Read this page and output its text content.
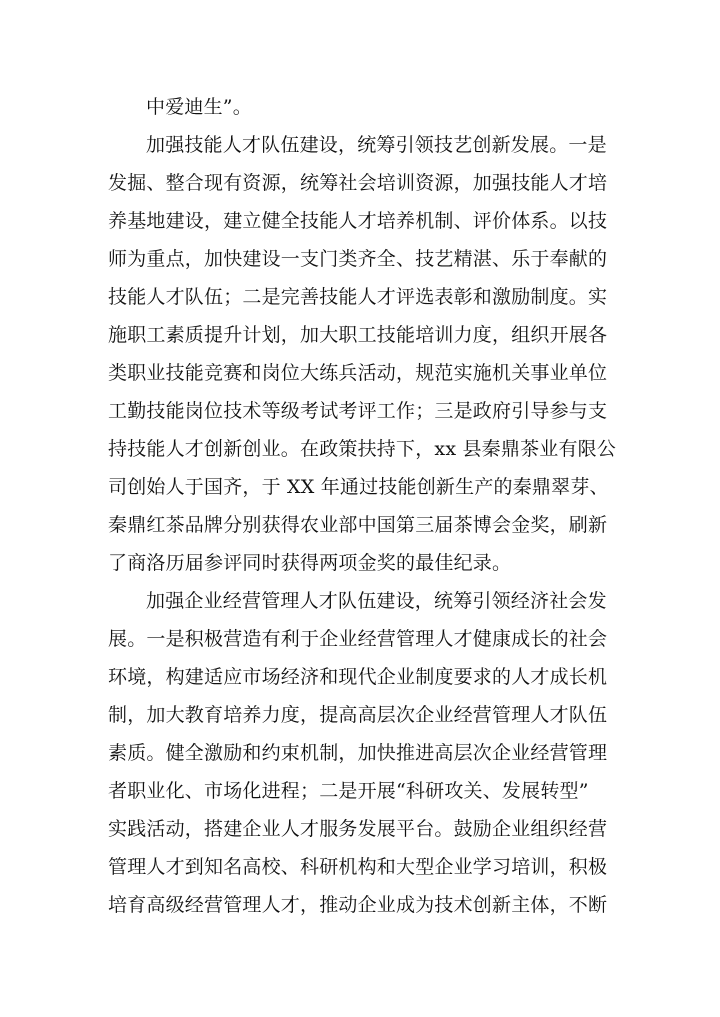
中爱迪生”。
加强技能人才队伍建设，统筹引领技艺创新发展。一是
发掘、整合现有资源，统筹社会培训资源，加强技能人才培
养基地建设，建立健全技能人才培养机制、评价体系。以技
师为重点，加快建设一支门类齐全、技艺精湛、乐于奉献的
技能人才队伍；二是完善技能人才评选表彰和激励制度。实
施职工素质提升计划，加大职工技能培训力度，组织开展各
类职业技能竞赛和岗位大练兵活动，规范实施机关事业单位
工勤技能岗位技术等级考试考评工作；三是政府引导参与支
持技能人才创新创业。在政策扶持下，xx 县秦鼎茶业有限公
司创始人于国齐，于 XX 年通过技能创新生产的秦鼎翠芽、
秦鼎红茶品牌分别获得农业部中国第三届茶博会金奖，刷新
了商洛历届参评同时获得两项金奖的最佳纪录。
加强企业经营管理人才队伍建设，统筹引领经济社会发
展。一是积极营造有利于企业经营管理人才健康成长的社会
环境，构建适应市场经济和现代企业制度要求的人才成长机
制，加大教育培养力度，提高高层次企业经营管理人才队伍
素质。健全激励和约束机制，加快推进高层次企业经营管理
者职业化、市场化进程；二是开展“科研攻关、发展转型”
实践活动，搭建企业人才服务发展平台。鼓励企业组织经营
管理人才到知名高校、科研机构和大型企业学习培训，积极
培育高级经营管理人才，推动企业成为技术创新主体，不断
